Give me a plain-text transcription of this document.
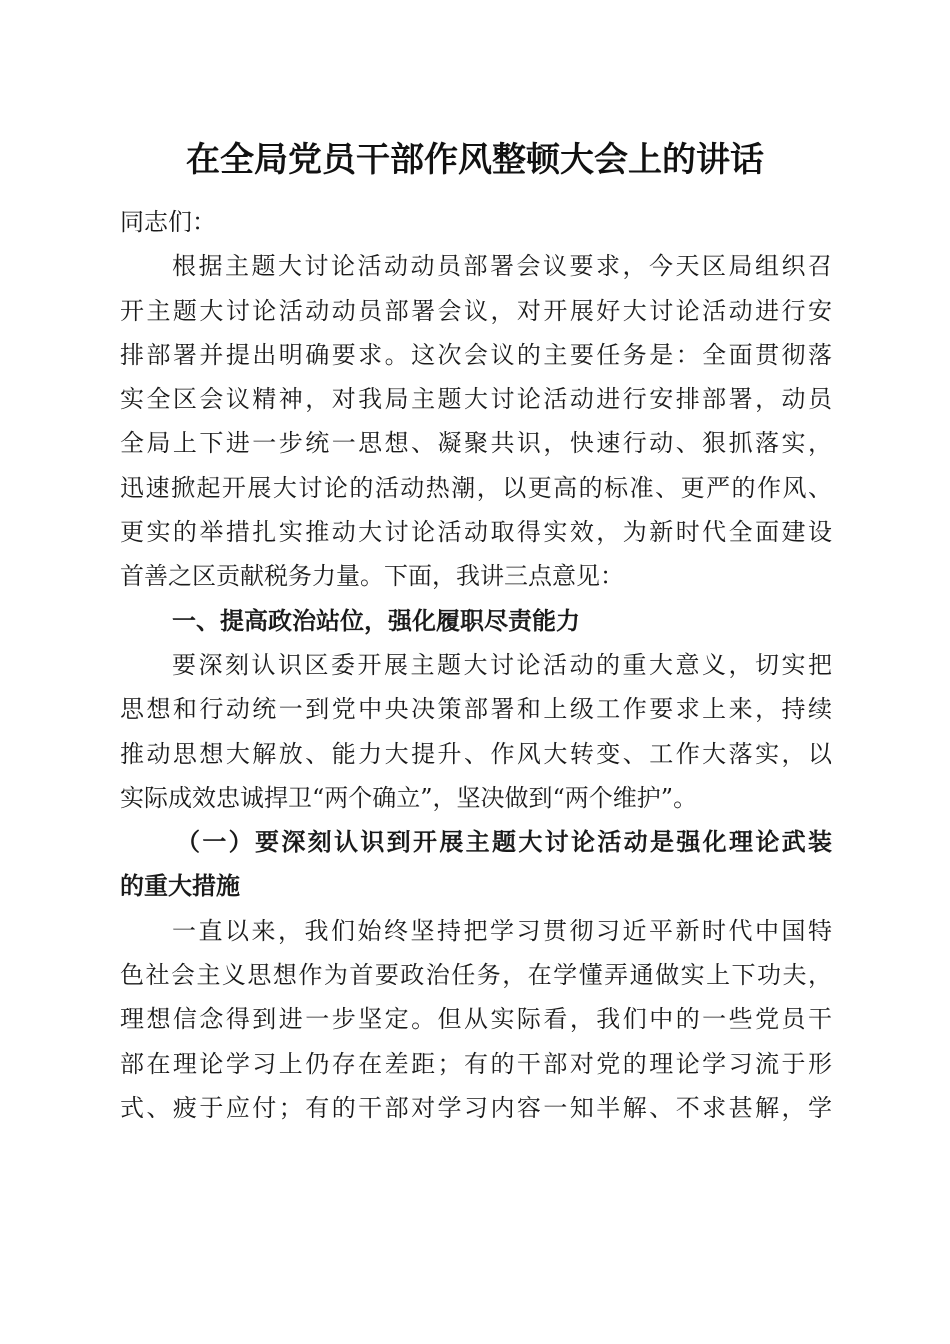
在全局党员干部作风整顿大会上的讲话
同志们：
根据主题大讨论活动动员部署会议要求，今天区局组织召
开主题大讨论活动动员部署会议，对开展好大讨论活动进行安
排部署并提出明确要求。这次会议的主要任务是：全面贯彻落
实全区会议精神，对我局主题大讨论活动进行安排部署，动员
全局上下进一步统一思想、凝聚共识，快速行动、狠抓落实，
迅速掀起开展大讨论的活动热潮，以更高的标准、更严的作风、
更实的举措扎实推动大讨论活动取得实效，为新时代全面建设
首善之区贡献税务力量。下面，我讲三点意见：
一、提高政治站位，强化履职尽责能力
要深刻认识区委开展主题大讨论活动的重大意义，切实把
思想和行动统一到党中央决策部署和上级工作要求上来，持续
推动思想大解放、能力大提升、作风大转变、工作大落实，以
实际成效忠诚捍卫“两个确立”，坚决做到“两个维护”。
（一）要深刻认识到开展主题大讨论活动是强化理论武装
的重大措施
一直以来，我们始终坚持把学习贯彻习近平新时代中国特
色社会主义思想作为首要政治任务，在学懂弄通做实上下功夫，
理想信念得到进一步坚定。但从实际看，我们中的一些党员干
部在理论学习上仍存在差距；有的干部对党的理论学习流于形
式、疲于应付；有的干部对学习内容一知半解、不求甚解，学
